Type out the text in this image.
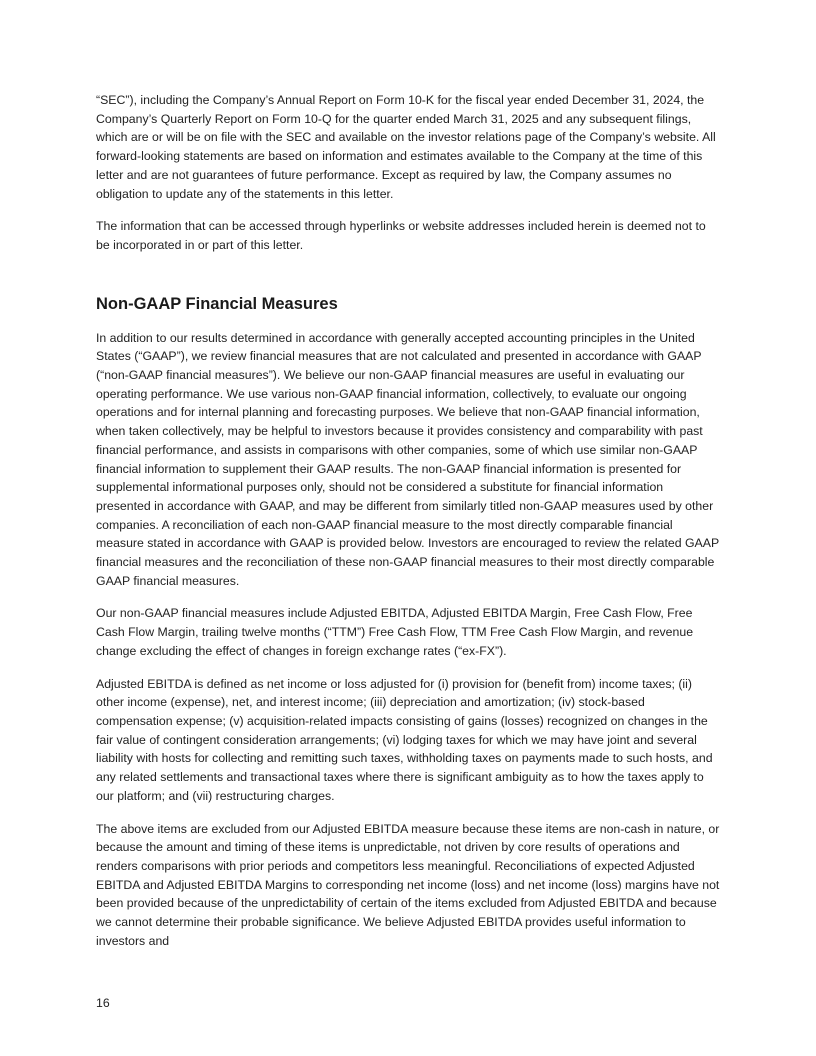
“SEC”), including the Company’s Annual Report on Form 10-K for the fiscal year ended December 31, 2024, the Company’s Quarterly Report on Form 10-Q for the quarter ended March 31, 2025 and any subsequent filings, which are or will be on file with the SEC and available on the investor relations page of the Company’s website. All forward-looking statements are based on information and estimates available to the Company at the time of this letter and are not guarantees of future performance. Except as required by law, the Company assumes no obligation to update any of the statements in this letter.

The information that can be accessed through hyperlinks or website addresses included herein is deemed not to be incorporated in or part of this letter.

Non-GAAP Financial Measures

In addition to our results determined in accordance with generally accepted accounting principles in the United States (“GAAP”), we review financial measures that are not calculated and presented in accordance with GAAP (“non-GAAP financial measures”). We believe our non-GAAP financial measures are useful in evaluating our operating performance. We use various non-GAAP financial information, collectively, to evaluate our ongoing operations and for internal planning and forecasting purposes. We believe that non-GAAP financial information, when taken collectively, may be helpful to investors because it provides consistency and comparability with past financial performance, and assists in comparisons with other companies, some of which use similar non-GAAP financial information to supplement their GAAP results. The non-GAAP financial information is presented for supplemental informational purposes only, should not be considered a substitute for financial information presented in accordance with GAAP, and may be different from similarly titled non-GAAP measures used by other companies. A reconciliation of each non-GAAP financial measure to the most directly comparable financial measure stated in accordance with GAAP is provided below. Investors are encouraged to review the related GAAP financial measures and the reconciliation of these non-GAAP financial measures to their most directly comparable GAAP financial measures.

Our non-GAAP financial measures include Adjusted EBITDA, Adjusted EBITDA Margin, Free Cash Flow, Free Cash Flow Margin, trailing twelve months (“TTM”) Free Cash Flow, TTM Free Cash Flow Margin, and revenue change excluding the effect of changes in foreign exchange rates (“ex-FX”).

Adjusted EBITDA is defined as net income or loss adjusted for (i) provision for (benefit from) income taxes; (ii) other income (expense), net, and interest income; (iii) depreciation and amortization; (iv) stock-based compensation expense; (v) acquisition-related impacts consisting of gains (losses) recognized on changes in the fair value of contingent consideration arrangements; (vi) lodging taxes for which we may have joint and several liability with hosts for collecting and remitting such taxes, withholding taxes on payments made to such hosts, and any related settlements and transactional taxes where there is significant ambiguity as to how the taxes apply to our platform; and (vii) restructuring charges.

The above items are excluded from our Adjusted EBITDA measure because these items are non-cash in nature, or because the amount and timing of these items is unpredictable, not driven by core results of operations and renders comparisons with prior periods and competitors less meaningful. Reconciliations of expected Adjusted EBITDA and Adjusted EBITDA Margins to corresponding net income (loss) and net income (loss) margins have not been provided because of the unpredictability of certain of the items excluded from Adjusted EBITDA and because we cannot determine their probable significance. We believe Adjusted EBITDA provides useful information to investors and

16
